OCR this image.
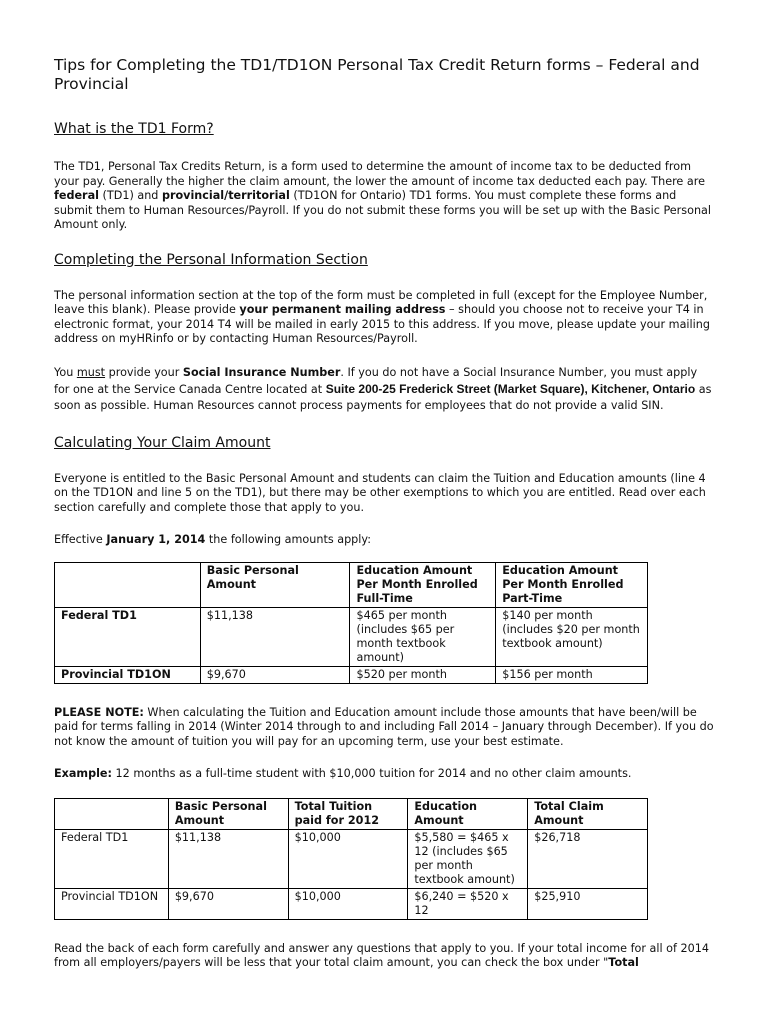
Tips for Completing the TD1/TD1ON Personal Tax Credit Return forms – Federal and Provincial
What is the TD1 Form?

The TD1, Personal Tax Credits Return, is a form used to determine the amount of income tax to be deducted from your pay. Generally the higher the claim amount, the lower the amount of income tax deducted each pay. There are federal (TD1) and provincial/territorial (TD1ON for Ontario) TD1 forms. You must complete these forms and submit them to Human Resources/Payroll. If you do not submit these forms you will be set up with the Basic Personal Amount only.

Completing the Personal Information Section

The personal information section at the top of the form must be completed in full (except for the Employee Number, leave this blank). Please provide your permanent mailing address – should you choose not to receive your T4 in electronic format, your 2014 T4 will be mailed in early 2015 to this address. If you move, please update your mailing address on myHRinfo or by contacting Human Resources/Payroll.

You must provide your Social Insurance Number. If you do not have a Social Insurance Number, you must apply for one at the Service Canada Centre located at Suite 200-25 Frederick Street (Market Square), Kitchener, Ontario as soon as possible. Human Resources cannot process payments for employees that do not provide a valid SIN.

Calculating Your Claim Amount

Everyone is entitled to the Basic Personal Amount and students can claim the Tuition and Education amounts (line 4 on the TD1ON and line 5 on the TD1), but there may be other exemptions to which you are entitled. Read over each section carefully and complete those that apply to you.

Effective January 1, 2014 the following amounts apply:

	Basic Personal Amount	Education Amount Per Month Enrolled Full-Time	Education Amount Per Month Enrolled Part-Time
Federal TD1	$11,138	$465 per month (includes $65 per month textbook amount)	$140 per month (includes $20 per month textbook amount)
Provincial TD1ON	$9,670	$520 per month	$156 per month

PLEASE NOTE: When calculating the Tuition and Education amount include those amounts that have been/will be paid for terms falling in 2014 (Winter 2014 through to and including Fall 2014 – January through December). If you do not know the amount of tuition you will pay for an upcoming term, use your best estimate.

Example: 12 months as a full-time student with $10,000 tuition for 2014 and no other claim amounts.

	Basic Personal Amount	Total Tuition paid for 2012	Education Amount	Total Claim Amount
Federal TD1	$11,138	$10,000	$5,580 = $465 x 12 (includes $65 per month textbook amount)	$26,718
Provincial TD1ON	$9,670	$10,000	$6,240 = $520 x 12	$25,910

Read the back of each form carefully and answer any questions that apply to you. If your total income for all of 2014 from all employers/payers will be less that your total claim amount, you can check the box under "Total
